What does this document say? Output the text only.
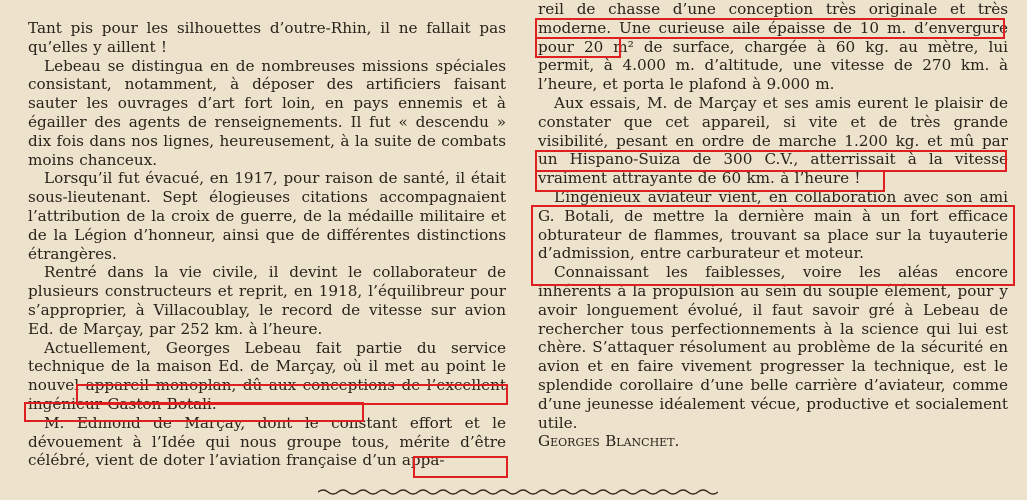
Tant pis pour les silhouettes d’outre-Rhin, il ne fallait pas qu’elles y aillent !

Lebeau se distingua en de nombreuses missions spéciales consistant, notamment, à déposer des artificiers faisant sauter les ouvrages d’art fort loin, en pays ennemis et à égailler des agents de renseignements. Il fut « descendu » dix fois dans nos lignes, heureusement, à la suite de combats moins chanceux.

Lorsqu’il fut évacué, en 1917, pour raison de santé, il était sous-lieutenant. Sept élogieuses citations accompagnaient l’attribution de la croix de guerre, de la médaille militaire et de la Légion d’honneur, ainsi que de différentes distinctions étrangères.

Rentré dans la vie civile, il devint le collaborateur de plusieurs constructeurs et reprit, en 1918, l’équilibreur pour s’approprier, à Villacoublay, le record de vitesse sur avion Ed. de Marçay, par 252 km. à l’heure.

Actuellement, Georges Lebeau fait partie du service technique de la maison Ed. de Marçay, où il met au point le nouvel appareil monoplan, dû aux conceptions de l’excellent ingénieur Gaston Botali.

M. Edmond de Marçay, dont le constant effort et le dévouement à l’Idée qui nous groupe tous, mérite d’être célébré, vient de doter l’aviation française d’un appa-

reil de chasse d’une conception très originale et très moderne. Une curieuse aile épaisse de 10 m. d’envergure pour 20 m² de surface, chargée à 60 kg. au mètre, lui permit, à 4.000 m. d’altitude, une vitesse de 270 km. à l’heure, et porta le plafond à 9.000 m.

Aux essais, M. de Marçay et ses amis eurent le plaisir de constater que cet appareil, si vite et de très grande visibilité, pesant en ordre de marche 1.200 kg. et mû par un Hispano-Suiza de 300 C.V., atterrissait à la vitesse vraiment attrayante de 60 km. à l’heure !

L’ingénieux aviateur vient, en collaboration avec son ami G. Botali, de mettre la dernière main à un fort efficace obturateur de flammes, trouvant sa place sur la tuyauterie d’admission, entre carburateur et moteur.

Connaissant les faiblesses, voire les aléas encore inhérents à la propulsion au sein du souple élément, pour y avoir longuement évolué, il faut savoir gré à Lebeau de rechercher tous perfectionnements à la science qui lui est chère. S’attaquer résolument au problème de la sécurité en avion et en faire vivement progresser la technique, est le splendide corollaire d’une belle carrière d’aviateur, comme d’une jeunesse idéalement vécue, productive et socialement utile.

Georges Blanchet.
